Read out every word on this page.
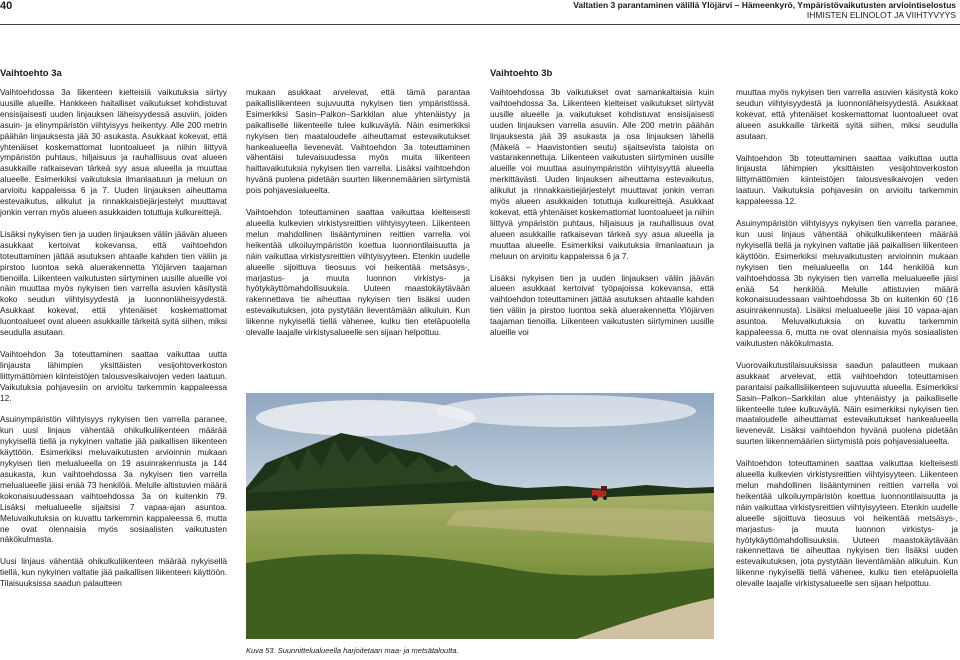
40	Valtatien 3 parantaminen välillä Ylöjärvi – Hämeenkyrö, Ympäristövaikutusten arviointiselostus
IHMISTEN ELINOLOT JA VIIHTYVYYS
Vaihtoehto 3a	Vaihtoehto 3b

Vaihtoehdossa 3a liikenteen kielteisiä vaikutuksia siirtyy uusille alueille. Hankkeen haitalliset vaikutukset kohdistuvat ensisijaisesti uuden linjauksen läheisyydessä asuviin, joiden asuin- ja elinympäristön viihtyisyys heikentyy. Alle 200 metrin päähän linjauksesta jää 30 asukasta. Asukkaat kokevat, että yhtenäiset koskemattomat luontoalueet ja niihin liittyvä ympäristön puhtaus, hiljaisuus ja rauhallisuus ovat alueen asukkaille ratkaisevan tärkeä syy asua alueella ja muuttaa alueelle. Esimerkiksi vaikutuksia ilmanlaatuun ja meluun on arvioitu kappaleissa 6 ja 7. Uuden linjauksen aiheuttama estevaikutus, alikulut ja rinnakkaistiejärjestelyt muuttavat jonkin verran myös alueen asukkaiden totuttuja kulkureittejä.

Lisäksi nykyisen tien ja uuden linjauksen väliin jäävän alueen asukkaat kertoivat kokevansa, että vaihtoehdon toteuttaminen jättää asutuksen ahtaalle kahden tien väliin ja pirstoo luontoa sekä aluerakennetta Ylöjärven taajaman tienoilla. Liikenteen vaikutusten siirtyminen uusille alueille voi näin muuttaa myös nykyisen tien varrella asuvien käsitystä koko seudun viihtyisyydestä ja luonnonläheisyydestä. Asukkaat kokevat, että yhtenäiset koskemattomat luontoalueet ovat alueen asukkaille tärkeitä syitä siihen, miksi seudulla asutaan.

Vaihtoehdon 3a toteuttaminen saattaa vaikuttaa uutta linjausta lähimpien yksittäisten vesijohtoverkoston liittymättömien kiinteistöjen talousvesikaivojen veden laatuun. Vaikutuksia pohjavesiin on arvioitu tarkemmin kappaleessa 12.

Asuinympäristön viihtyisyys nykyisen tien varrella paranee, kun uusi linjaus vähentää ohikulkuliikenteen määrää nykyisellä tiellä ja nykyinen valtatie jää paikallisen liikenteen käyttöön. Esimerkiksi meluvaikutusten arvioinnin mukaan nykyisen tien melualueella on 19 asuinrakennusta ja 144 asukasta, kun vaihtoehdossa 3a nykyisen tien varrella melualueelle jäisi enää 73 henkilöä. Melulle altistuvien määrä kokonaisuudessaan vaihtoehdossa 3a on kuitenkin 79. Lisäksi melualueelle sijaitsisi 7 vapaa-ajan asuntoa. Meluvaikutuksia on kuvattu tarkemmin kappaleessa 6, mutta ne ovat olennaisia myös sosiaalisten vaikutusten näkökulmasta.

Uusi linjaus vähentää ohikulkuliikenteen määrää nykyisellä tiellä, kun nykyinen valtatie jää paikallisen liikenteen käyttöön. Tilaisuuksissa saadun palautteen

mukaan asukkaat arvelevat, että tämä parantaa paikallisliikenteen sujuvuutta nykyisen tien ympäristössä. Esimerkiksi Sasin–Palkon–Sarkkilan alue yhtenäistyy ja paikalliselle liikenteelle tulee kulkuväylä. Näin esimerkiksi nykyisen tien maataloudelle aiheuttamat estevaikutukset hankealueella lievenevät. Vaihtoehdon 3a toteuttaminen vähentäisi tulevaisuudessa myös muita liikenteen haittavaikutuksia nykyisen tien varrella. Lisäksi vaihtoehdon hyvänä puolena pidetään suurten liikennemäärien siirtymistä pois pohjavesialueelta.

Vaihtoehdon toteuttaminen saattaa vaikuttaa kielteisesti alueella kulkevien virkistysreittien viihtyisyyteen. Liikenteen melun mahdollinen lisääntyminen reittien varrella voi heikentää ulkoiluympäristön koettua luonnontilaisuutta ja näin vaikuttaa virkistysreittien viihtyisyyteen. Etenkin uudelle alueelle sijoittuva tieosuus voi heikentää metsäsys-, marjastus- ja muuta luonnon virkistys- ja hyötykäyttömahdollisuuksia. Uuteen maastokäytävään rakennettava tie aiheuttaa nykyisen tien lisäksi uuden estevaikutuksen, jota pystytään lieventämään alikuluin. Kun liikenne nykyisellä tiellä vähenee, kulku tien eteläpuolella olevalle laajalle virkistysalueelle sen sijaan helpottuu.

Vaihtoehdossa 3b vaikutukset ovat samankaltaisia kuin vaihtoehdossa 3a. Liikenteen kielteiset vaikutukset siirtyvät uusille alueelle ja vaikutukset kohdistuvat ensisijaisesti uuden linjauksen varrella asuviin. Alle 200 metrin päähän linjauksesta jää 39 asukasta ja osa linjauksen lähellä (Mäkelä – Haavistontien seutu) sijaitsevista taloista on vastarakennettuja. Liikenteen vaikutusten siirtyminen uusille alueille voi muuttaa asuinympäristön viihtyisyyttä alueella merkittävästi. Uuden linjauksen aiheuttama estevaikutus, alikulut ja rinnakkaistiejärjestelyt muuttavat jonkin verran myös alueen asukkaiden totuttuja kulkureittejä. Asukkaat kokevat, että yhtenäiset koskemattomat luontoalueet ja niihin liittyvä ympäristön puhtaus, hiljaisuus ja rauhallisuus ovat alueen asukkaille ratkaisevan tärkeä syy asua alueella ja muuttaa alueelle. Esimerkiksi vaikutuksia ilmanlaatuun ja meluun on arvioitu kappaleissa 6 ja 7.

Lisäksi nykyisen tien ja uuden linjauksen väliin jäävän alueen asukkaat kertoivat työpajoissa kokevansa, että vaihtoehdon toteuttaminen jättää asutuksen ahtaalle kahden tien väliin ja pirstoo luontoa sekä aluerakennetta Ylöjärven taajaman tienoilla. Liikenteen vaikutusten siirtyminen uusille alueille voi

muuttaa myös nykyisen tien varrella asuvien käsitystä koko seudun viihtyisyydestä ja luonnonläheisyydestä. Asukkaat kokevat, että yhtenäiset koskemattomat luontoalueet ovat alueen asukkaille tärkeitä syitä siihen, miksi seudulla asutaan.

Vaihtoehdon 3b toteuttaminen saattaa vaikuttaa uutta linjausta lähimpien yksittäisten vesijohtoverkoston liittymättömien kiinteistöjen talousvesikaivojen veden laatuun. Vaikutuksia pohjavesiin on arvioitu tarkemmin kappaleessa 12.

Asuinympäristön viihtyisyys nykyisen tien varrella paranee, kun uusi linjaus vähentää ohikulkuliikenteen määrää nykyisellä tiellä ja nykyinen valtatie jää paikallisen liikenteen käyttöön. Esimerkiksi meluvaikutusten arvioinnin mukaan nykyisen tien melualueella on 144 henkilöä kun vaihtoehdossa 3b nykyisen tien varrella melualueelle jäisi enää 54 henkilöä. Melulle altistuvien määrä kokonaisuudessaan vaihtoehdossa 3b on kuitenkin 60 (16 asuinrakennusta). Lisäksi melualueelle jäisi 10 vapaa-ajan asuntoa. Meluvaikutuksia on kuvattu tarkemmin kappaleessa 6, mutta ne ovat olennaisia myös sosiaalisten vaikutusten näkökulmasta.

Vuorovaikutustilaisuuksissa saadun palautteen mukaan asukkaat arvelevat, että vaihtoehdon toteuttamisen parantaisi paikallisliikenteen sujuvuutta alueella. Esimerkiksi Sasin–Palkon–Sarkkilan alue yhtenäistyy ja paikalliselle liikenteelle tulee kulkuväylä. Näin esimerkiksi nykyisen tien maataloudelle aiheuttamat estevaikutukset hankealueella lievenevät. Lisäksi vaihtoehdon hyvänä puolena pidetään suurten liikennemäärien siirtymistä pois pohjavesialueelta.

Vaihtoehdon toteuttaminen saattaa vaikuttaa kielteisesti alueella kulkevien virkistysreittien viihtyisyyteen. Liikenteen melun mahdollinen lisääntyminen reittien varrella voi heikentää ulkoiluympäristön koettua luonnontilaisuutta ja näin vaikuttaa virkistysreittien viihtyisyyteen. Etenkin uudelle alueelle sijoittuva tieosuus voi heikentää metsäsys-, marjastus- ja muuta luonnon virkistys- ja hyötykäyttömahdollisuuksia. Uuteen maastokäytävään rakennettava tie aiheuttaa nykyisen tien lisäksi uuden estevaikutuksen, jota pystytään lieventämään alikuluin. Kun liikenne nykyisellä tiellä vähenee, kulku tien eteläpuolella olevalle laajalle virkistysalueelle sen sijaan helpottuu.

Kuva 53. Suunnittelualueella harjoitetaan maa- ja metsätaloutta.
